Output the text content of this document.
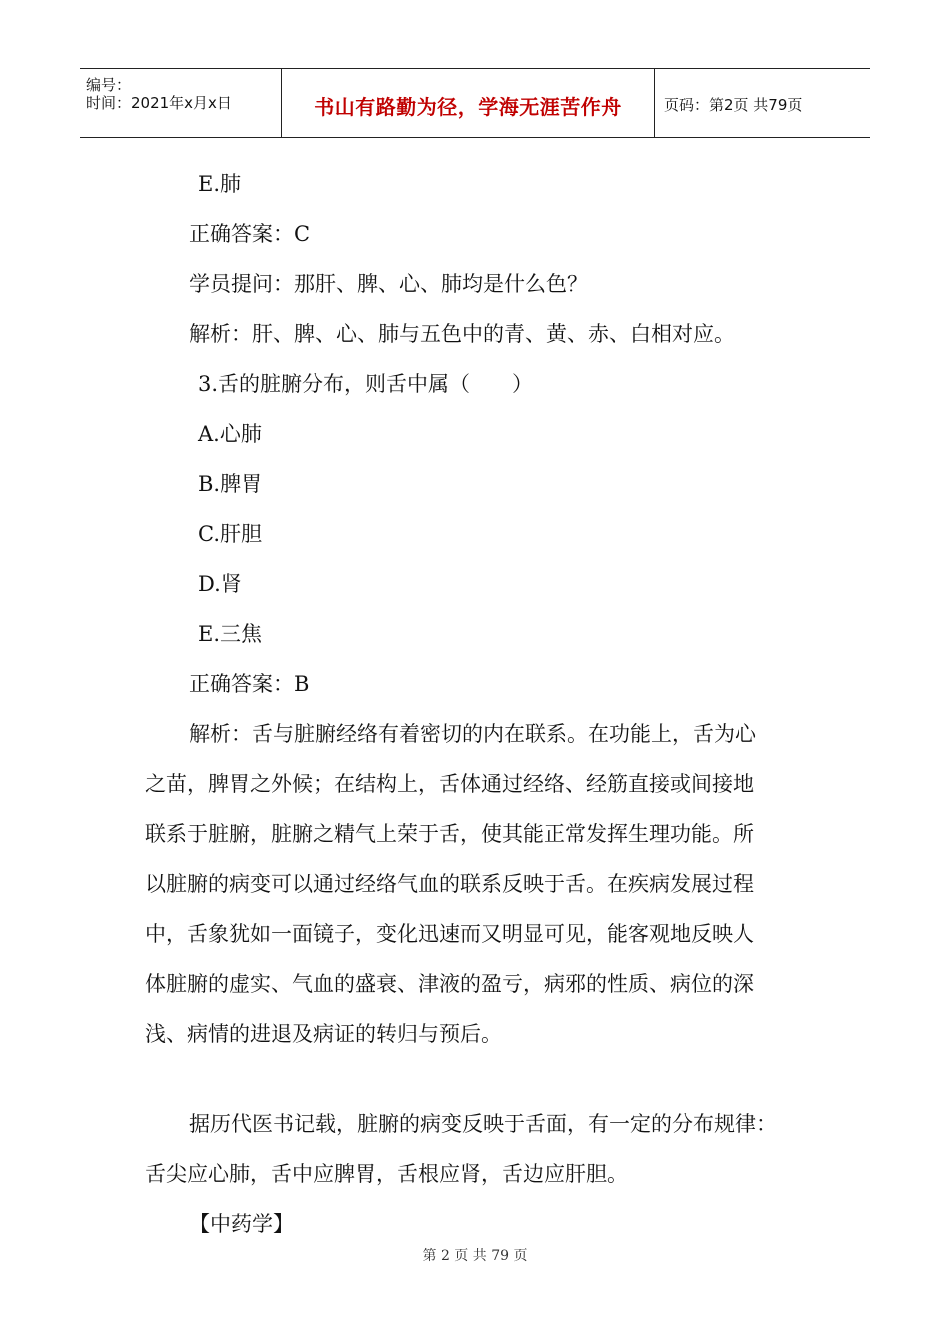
编号：
时间：2021年x月x日	书山有路勤为径，学海无涯苦作舟	页码：第2页 共79页
E.肺
正确答案：C
学员提问：那肝、脾、心、肺均是什么色？
解析：肝、脾、心、肺与五色中的青、黄、赤、白相对应。
3.舌的脏腑分布，则舌中属（　　）
A.心肺
B.脾胃
C.肝胆
D.肾
E.三焦
正确答案：B
解析：舌与脏腑经络有着密切的内在联系。在功能上，舌为心
之苗，脾胃之外候；在结构上，舌体通过经络、经筋直接或间接地
联系于脏腑，脏腑之精气上荣于舌，使其能正常发挥生理功能。所
以脏腑的病变可以通过经络气血的联系反映于舌。在疾病发展过程
中，舌象犹如一面镜子，变化迅速而又明显可见，能客观地反映人
体脏腑的虚实、气血的盛衰、津液的盈亏，病邪的性质、病位的深
浅、病情的进退及病证的转归与预后。
据历代医书记载，脏腑的病变反映于舌面，有一定的分布规律：
舌尖应心肺，舌中应脾胃，舌根应肾，舌边应肝胆。
【中药学】
第 2 页 共 79 页
